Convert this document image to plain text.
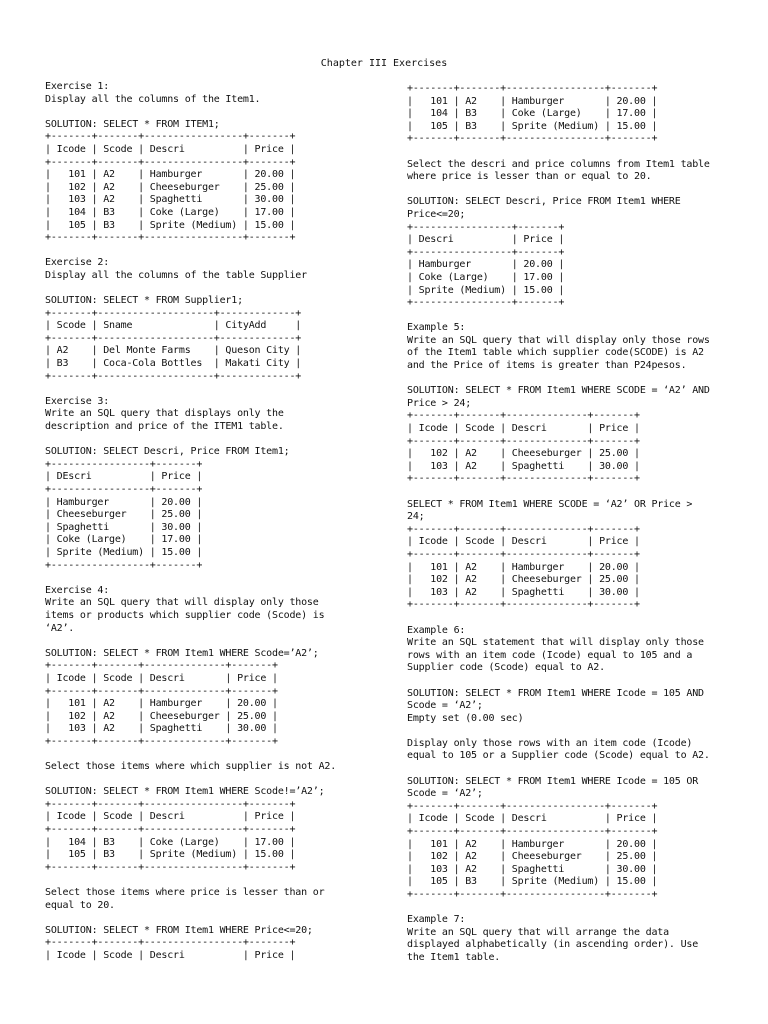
Chapter III Exercises
Exercise 1:
Display all the columns of the Item1.

SOLUTION: SELECT * FROM ITEM1;
+-------+-------+-----------------+-------+
| Icode | Scode | Descri          | Price |
+-------+-------+-----------------+-------+
|   101 | A2    | Hamburger       | 20.00 |
|   102 | A2    | Cheeseburger    | 25.00 |
|   103 | A2    | Spaghetti       | 30.00 |
|   104 | B3    | Coke (Large)    | 17.00 |
|   105 | B3    | Sprite (Medium) | 15.00 |
+-------+-------+-----------------+-------+

Exercise 2:
Display all the columns of the table Supplier

SOLUTION: SELECT * FROM Supplier1;
+-------+--------------------+-------------+
| Scode | Sname              | CityAdd     |
+-------+--------------------+-------------+
| A2    | Del Monte Farms    | Queson City |
| B3    | Coca-Cola Bottles  | Makati City |
+-------+--------------------+-------------+

Exercise 3:
Write an SQL query that displays only the
description and price of the ITEM1 table.

SOLUTION: SELECT Descri, Price FROM Item1;
+-----------------+-------+
| DEscri          | Price |
+-----------------+-------+
| Hamburger       | 20.00 |
| Cheeseburger    | 25.00 |
| Spaghetti       | 30.00 |
| Coke (Large)    | 17.00 |
| Sprite (Medium) | 15.00 |
+-----------------+-------+

Exercise 4:
Write an SQL query that will display only those
items or products which supplier code (Scode) is
‘A2’.

SOLUTION: SELECT * FROM Item1 WHERE Scode=’A2’;
+-------+-------+--------------+-------+
| Icode | Scode | Descri       | Price |
+-------+-------+--------------+-------+
|   101 | A2    | Hamburger    | 20.00 |
|   102 | A2    | Cheeseburger | 25.00 |
|   103 | A2    | Spaghetti    | 30.00 |
+-------+-------+--------------+-------+

Select those items where which supplier is not A2.

SOLUTION: SELECT * FROM Item1 WHERE Scode!=’A2’;
+-------+-------+-----------------+-------+
| Icode | Scode | Descri          | Price |
+-------+-------+-----------------+-------+
|   104 | B3    | Coke (Large)    | 17.00 |
|   105 | B3    | Sprite (Medium) | 15.00 |
+-------+-------+-----------------+-------+

Select those items where price is lesser than or
equal to 20.

SOLUTION: SELECT * FROM Item1 WHERE Price<=20;
+-------+-------+-----------------+-------+
| Icode | Scode | Descri          | Price |
+-------+-------+-----------------+-------+
|   101 | A2    | Hamburger       | 20.00 |
|   104 | B3    | Coke (Large)    | 17.00 |
|   105 | B3    | Sprite (Medium) | 15.00 |
+-------+-------+-----------------+-------+

Select the descri and price columns from Item1 table
where price is lesser than or equal to 20.

SOLUTION: SELECT Descri, Price FROM Item1 WHERE
Price<=20;
+-----------------+-------+
| Descri          | Price |
+-----------------+-------+
| Hamburger       | 20.00 |
| Coke (Large)    | 17.00 |
| Sprite (Medium) | 15.00 |
+-----------------+-------+

Example 5:
Write an SQL query that will display only those rows
of the Item1 table which supplier code(SCODE) is A2
and the Price of items is greater than P24pesos.

SOLUTION: SELECT * FROM Item1 WHERE SCODE = ‘A2’ AND
Price > 24;
+-------+-------+--------------+-------+
| Icode | Scode | Descri       | Price |
+-------+-------+--------------+-------+
|   102 | A2    | Cheeseburger | 25.00 |
|   103 | A2    | Spaghetti    | 30.00 |
+-------+-------+--------------+-------+

SELECT * FROM Item1 WHERE SCODE = ‘A2’ OR Price >
24;
+-------+-------+--------------+-------+
| Icode | Scode | Descri       | Price |
+-------+-------+--------------+-------+
|   101 | A2    | Hamburger    | 20.00 |
|   102 | A2    | Cheeseburger | 25.00 |
|   103 | A2    | Spaghetti    | 30.00 |
+-------+-------+--------------+-------+

Example 6:
Write an SQL statement that will display only those
rows with an item code (Icode) equal to 105 and a
Supplier code (Scode) equal to A2.

SOLUTION: SELECT * FROM Item1 WHERE Icode = 105 AND
Scode = ‘A2’;
Empty set (0.00 sec)

Display only those rows with an item code (Icode)
equal to 105 or a Supplier code (Scode) equal to A2.

SOLUTION: SELECT * FROM Item1 WHERE Icode = 105 OR
Scode = ‘A2’;
+-------+-------+-----------------+-------+
| Icode | Scode | Descri          | Price |
+-------+-------+-----------------+-------+
|   101 | A2    | Hamburger       | 20.00 |
|   102 | A2    | Cheeseburger    | 25.00 |
|   103 | A2    | Spaghetti       | 30.00 |
|   105 | B3    | Sprite (Medium) | 15.00 |
+-------+-------+-----------------+-------+

Example 7:
Write an SQL query that will arrange the data
displayed alphabetically (in ascending order). Use
the Item1 table.
